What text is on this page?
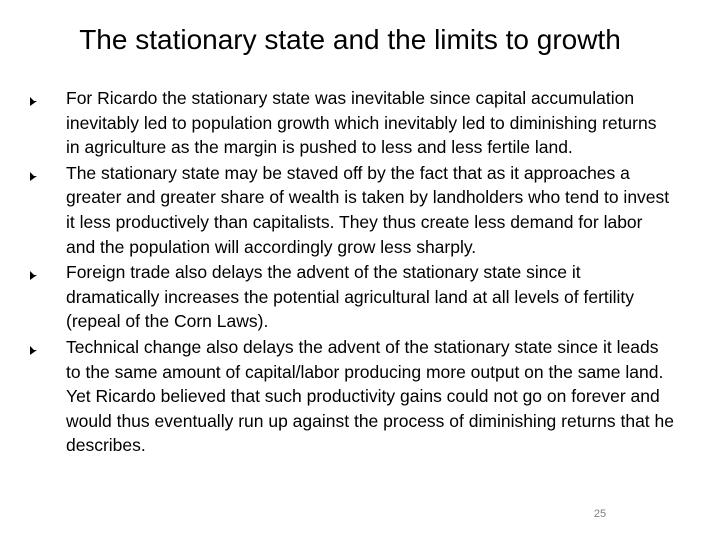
The stationary state and the limits to growth
For Ricardo the stationary state was inevitable since capital accumulation inevitably led to population growth which inevitably led to diminishing returns in agriculture as the margin is pushed to less and less fertile land.
The stationary state may be staved off by the fact that as it approaches a greater and greater share of wealth is taken by landholders who tend to invest it less productively than capitalists. They thus create less demand for labor and the population will accordingly grow less sharply.
Foreign trade also delays the advent of the stationary state since it dramatically increases the potential agricultural land at all levels of fertility (repeal of the Corn Laws).
Technical change also delays the advent of the stationary state since it leads to the same amount of capital/labor producing more output on the same land. Yet Ricardo believed that such productivity gains could not go on forever and would thus eventually run up against the process of diminishing returns that he describes.
25
